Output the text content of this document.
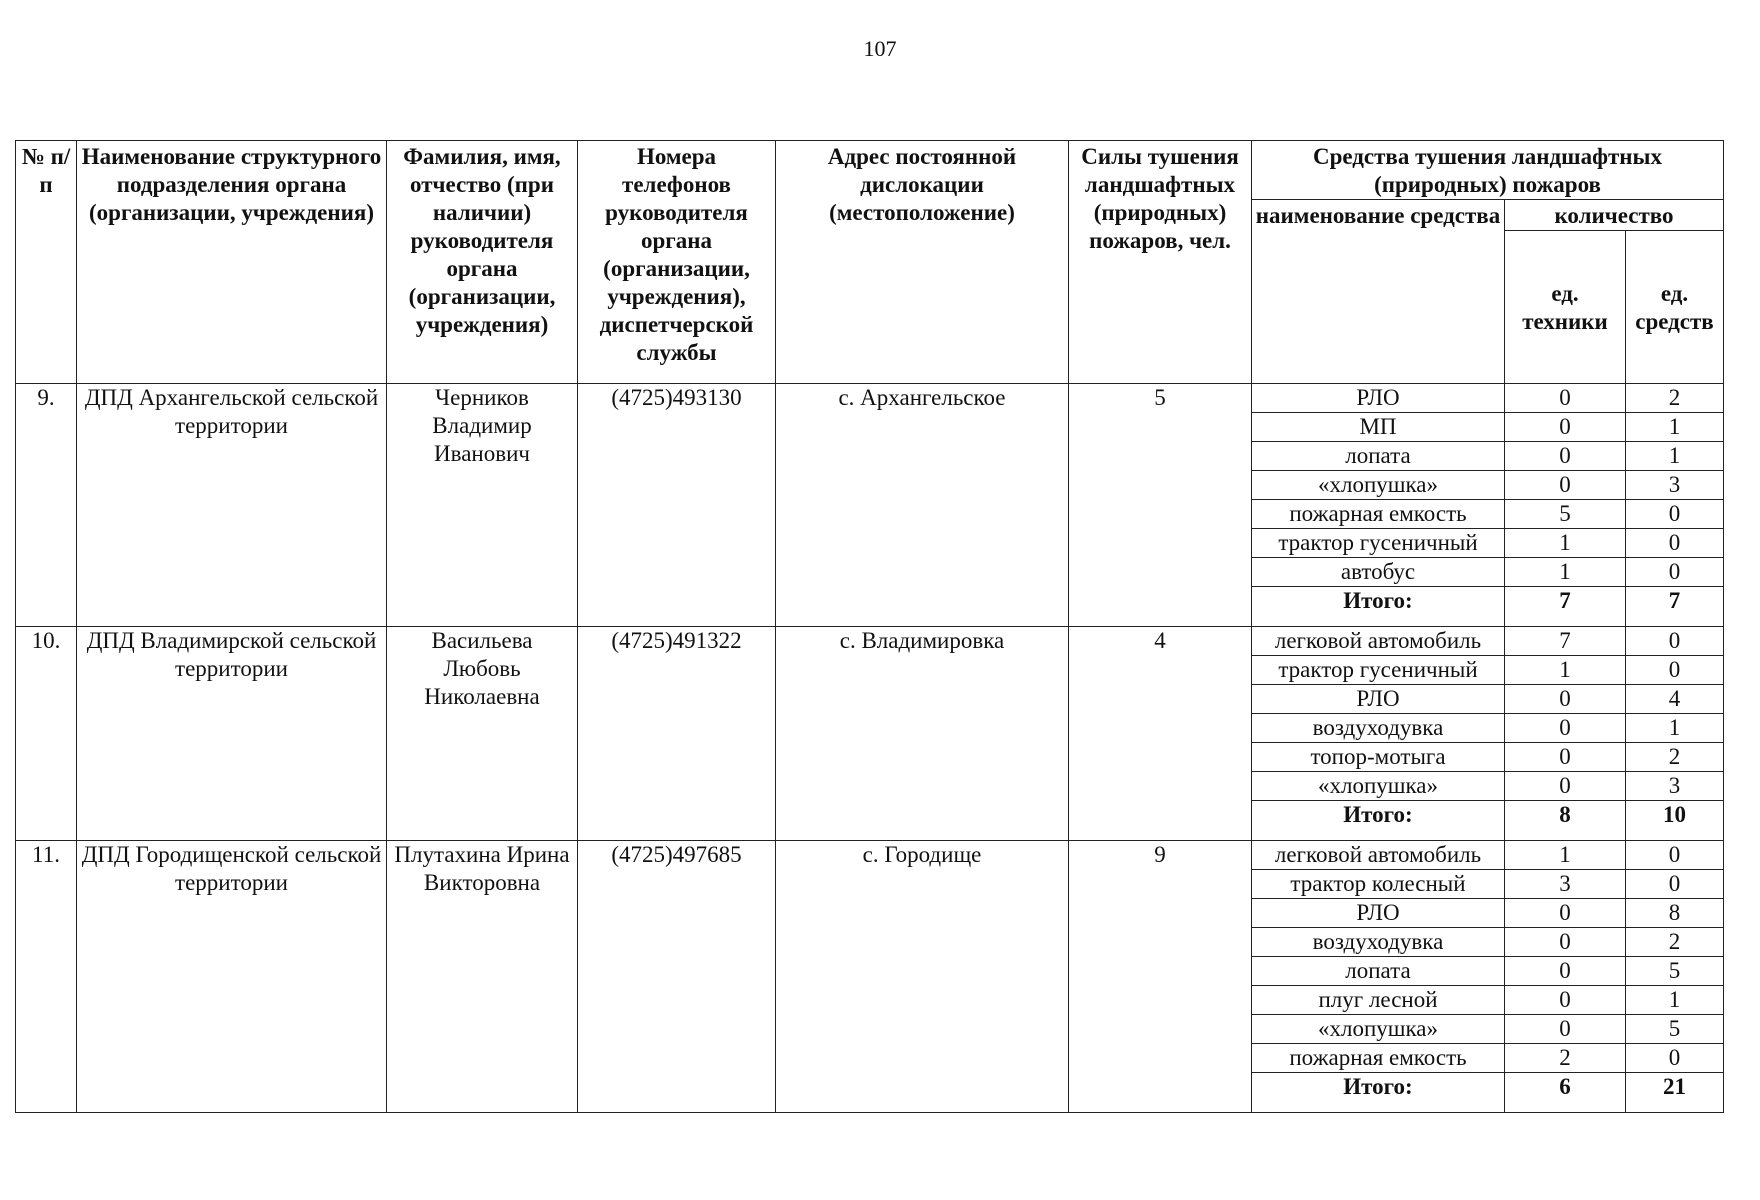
107
№ п/п	Наименование структурного подразделения органа (организации, учреждения)	Фамилия, имя, отчество (при наличии) руководителя органа (организации, учреждения)	Номера телефонов руководителя органа (организации, учреждения), диспетчерской службы	Адрес постоянной дислокации (местоположение)	Силы тушения ландшафтных (природных) пожаров, чел.	Средства тушения ландшафтных (природных) пожаров		
						наименование средства	количество	
							ед. техники	ед. средств
9.	ДПД Архангельской сельской территории	Черников Владимир Иванович	(4725)493130	с. Архангельское	5	РЛО	0	2
						МП	0	1
						лопата	0	1
						«хлопушка»	0	3
						пожарная емкость	5	0
						трактор гусеничный	1	0
						автобус	1	0
						Итого:	7	7
10.	ДПД Владимирской сельской территории	Васильева Любовь Николаевна	(4725)491322	с. Владимировка	4	легковой автомобиль	7	0
						трактор гусеничный	1	0
						РЛО	0	4
						воздуходувка	0	1
						топор-мотыга	0	2
						«хлопушка»	0	3
						Итого:	8	10
11.	ДПД Городищенской сельской территории	Плутахина Ирина Викторовна	(4725)497685	с. Городище	9	легковой автомобиль	1	0
						трактор колесный	3	0
						РЛО	0	8
						воздуходувка	0	2
						лопата	0	5
						плуг лесной	0	1
						«хлопушка»	0	5
						пожарная емкость	2	0
						Итого:	6	21
